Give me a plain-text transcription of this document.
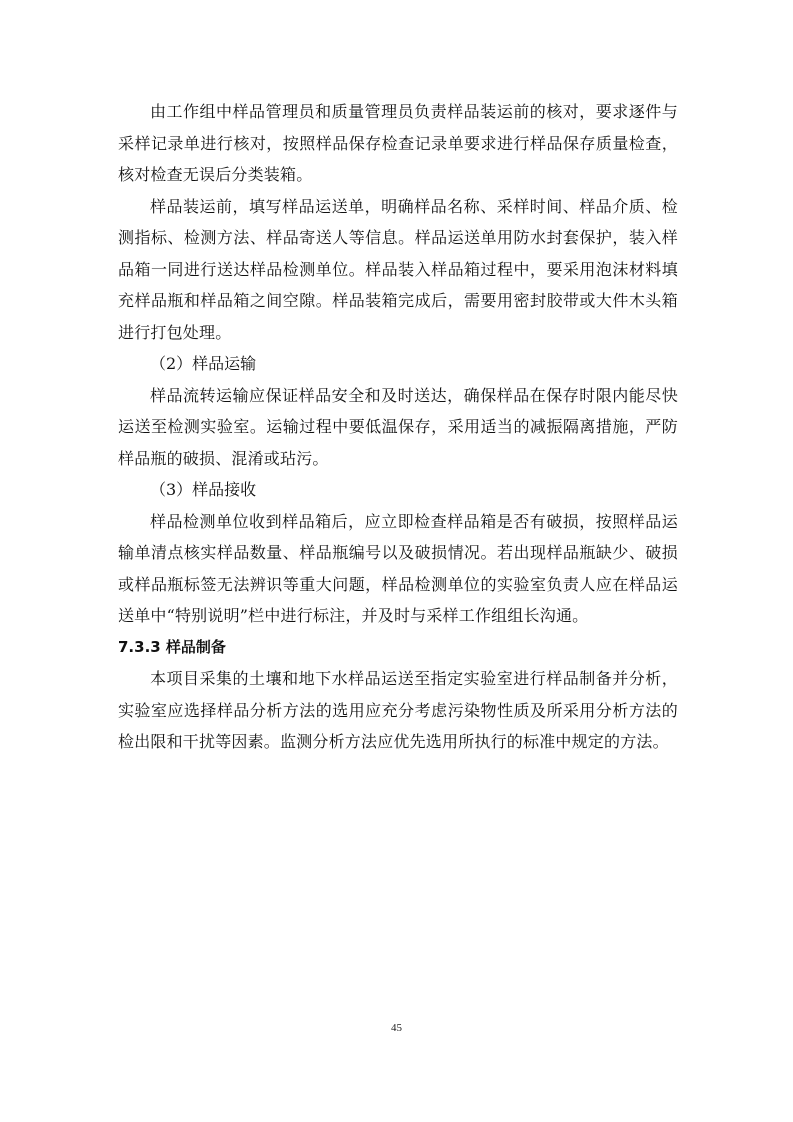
由工作组中样品管理员和质量管理员负责样品装运前的核对，要求逐件与采样记录单进行核对，按照样品保存检查记录单要求进行样品保存质量检查，核对检查无误后分类装箱。

样品装运前，填写样品运送单，明确样品名称、采样时间、样品介质、检测指标、检测方法、样品寄送人等信息。样品运送单用防水封套保护，装入样品箱一同进行送达样品检测单位。样品装入样品箱过程中，要采用泡沫材料填充样品瓶和样品箱之间空隙。样品装箱完成后，需要用密封胶带或大件木头箱进行打包处理。

（2）样品运输

样品流转运输应保证样品安全和及时送达，确保样品在保存时限内能尽快运送至检测实验室。运输过程中要低温保存，采用适当的减振隔离措施，严防样品瓶的破损、混淆或玷污。

（3）样品接收

样品检测单位收到样品箱后，应立即检查样品箱是否有破损，按照样品运输单清点核实样品数量、样品瓶编号以及破损情况。若出现样品瓶缺少、破损或样品瓶标签无法辨识等重大问题，样品检测单位的实验室负责人应在样品运送单中“特别说明”栏中进行标注，并及时与采样工作组组长沟通。

7.3.3 样品制备

本项目采集的土壤和地下水样品运送至指定实验室进行样品制备并分析，实验室应选择样品分析方法的选用应充分考虑污染物性质及所采用分析方法的检出限和干扰等因素。监测分析方法应优先选用所执行的标准中规定的方法。

45
